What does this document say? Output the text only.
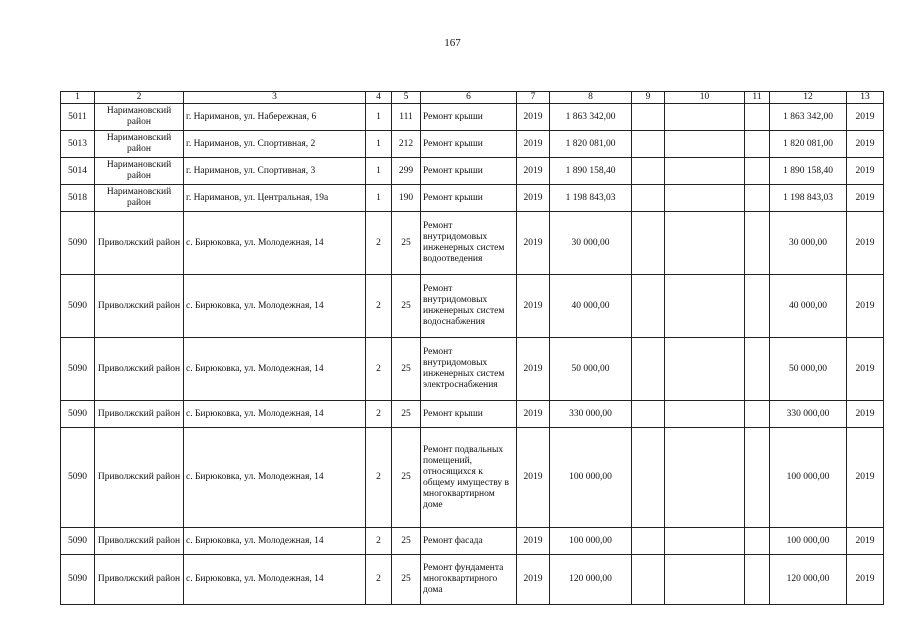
167
1	2	3	4	5	6	7	8	9	10	11	12	13
5011	Наримановский район	г. Нариманов, ул. Набережная, 6	1	111	Ремонт крыши	2019	1 863 342,00				1 863 342,00	2019
5013	Наримановский район	г. Нариманов, ул. Спортивная, 2	1	212	Ремонт крыши	2019	1 820 081,00				1 820 081,00	2019
5014	Наримановский район	г. Нариманов, ул. Спортивная, 3	1	299	Ремонт крыши	2019	1 890 158,40				1 890 158,40	2019
5018	Наримановский район	г. Нариманов, ул. Центральная, 19а	1	190	Ремонт крыши	2019	1 198 843,03				1 198 843,03	2019
5090	Приволжский район	с. Бирюковка, ул. Молодежная, 14	2	25	Ремонт внутридомовых инженерных систем водоотведения	2019	30 000,00				30 000,00	2019
5090	Приволжский район	с. Бирюковка, ул. Молодежная, 14	2	25	Ремонт внутридомовых инженерных систем водоснабжения	2019	40 000,00				40 000,00	2019
5090	Приволжский район	с. Бирюковка, ул. Молодежная, 14	2	25	Ремонт внутридомовых инженерных систем электроснабжения	2019	50 000,00				50 000,00	2019
5090	Приволжский район	с. Бирюковка, ул. Молодежная, 14	2	25	Ремонт крыши	2019	330 000,00				330 000,00	2019
5090	Приволжский район	с. Бирюковка, ул. Молодежная, 14	2	25	Ремонт подвальных помещений, относящихся к общему имуществу в многоквартирном доме	2019	100 000,00				100 000,00	2019
5090	Приволжский район	с. Бирюковка, ул. Молодежная, 14	2	25	Ремонт фасада	2019	100 000,00				100 000,00	2019
5090	Приволжский район	с. Бирюковка, ул. Молодежная, 14	2	25	Ремонт фундамента многоквартирного дома	2019	120 000,00				120 000,00	2019
